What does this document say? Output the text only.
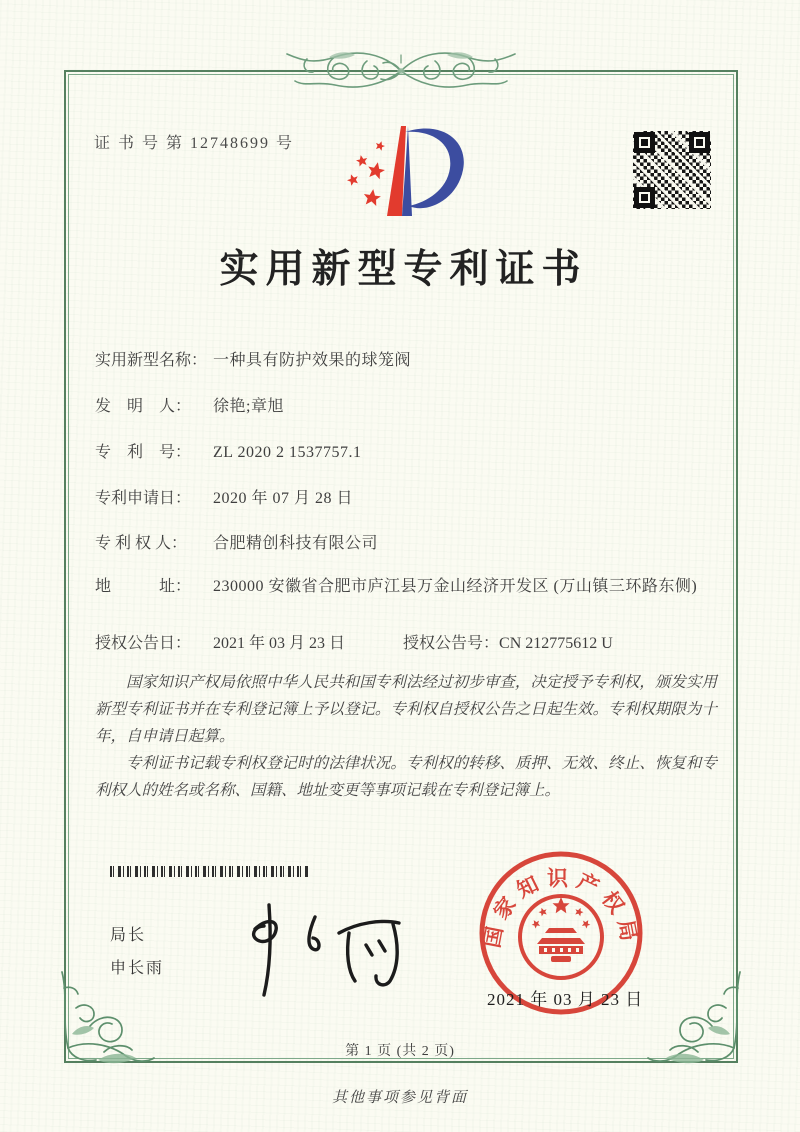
证 书 号 第 12748699 号
实用新型专利证书
实用新型名称： 一种具有防护效果的球笼阀
发　明　人：	徐艳;章旭
专　利　号：	ZL 2020 2 1537757.1
专利申请日：	2020 年 07 月 28 日
专 利 权 人：	合肥精创科技有限公司
地　　　址：	230000 安徽省合肥市庐江县万金山经济开发区 (万山镇三环路东侧)
授权公告日：	2021 年 03 月 23 日	授权公告号： CN 212775612 U

国家知识产权局依照中华人民共和国专利法经过初步审查，决定授予专利权，颁发实用新型专利证书并在专利登记簿上予以登记。专利权自授权公告之日起生效。专利权期限为十年，自申请日起算。

专利证书记载专利权登记时的法律状况。专利权的转移、质押、无效、终止、恢复和专利权人的姓名或名称、国籍、地址变更等事项记载在专利登记簿上。

局长
申长雨
国家知识产权局
2021 年 03 月 23 日
第 1 页 (共 2 页)
其他事项参见背面
